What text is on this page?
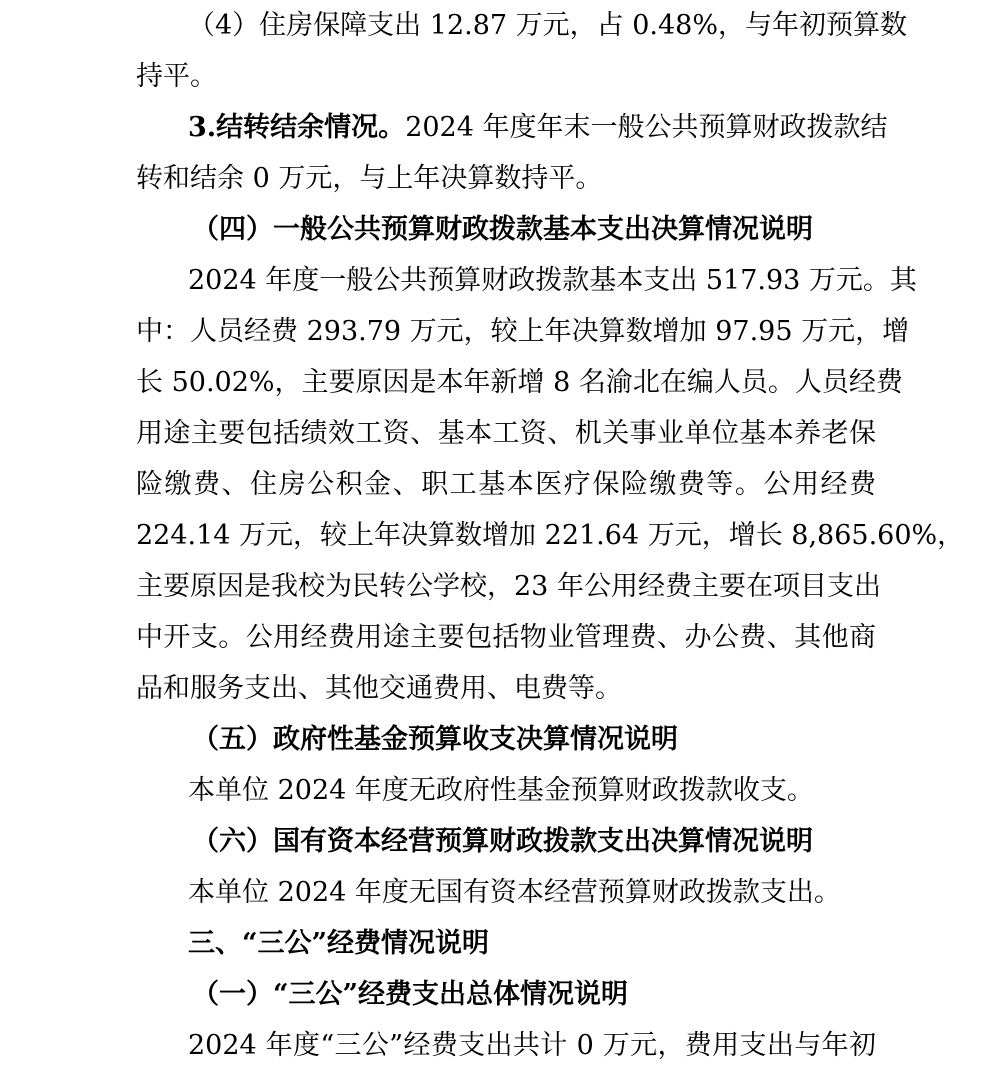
（4）住房保障支出 12.87 万元，占 0.48%，与年初预算数
持平。
3.结转结余情况。2024 年度年末一般公共预算财政拨款结
转和结余 0 万元，与上年决算数持平。
（四）一般公共预算财政拨款基本支出决算情况说明
2024 年度一般公共预算财政拨款基本支出 517.93 万元。其
中：人员经费 293.79 万元，较上年决算数增加 97.95 万元，增
长 50.02%，主要原因是本年新增 8 名渝北在编人员。人员经费
用途主要包括绩效工资、基本工资、机关事业单位基本养老保
险缴费、住房公积金、职工基本医疗保险缴费等。公用经费
224.14 万元，较上年决算数增加 221.64 万元，增长 8,865.60%，
主要原因是我校为民转公学校，23 年公用经费主要在项目支出
中开支。公用经费用途主要包括物业管理费、办公费、其他商
品和服务支出、其他交通费用、电费等。
（五）政府性基金预算收支决算情况说明
本单位 2024 年度无政府性基金预算财政拨款收支。
（六）国有资本经营预算财政拨款支出决算情况说明
本单位 2024 年度无国有资本经营预算财政拨款支出。
三、“三公”经费情况说明
（一）“三公”经费支出总体情况说明
2024 年度“三公”经费支出共计 0 万元，费用支出与年初
